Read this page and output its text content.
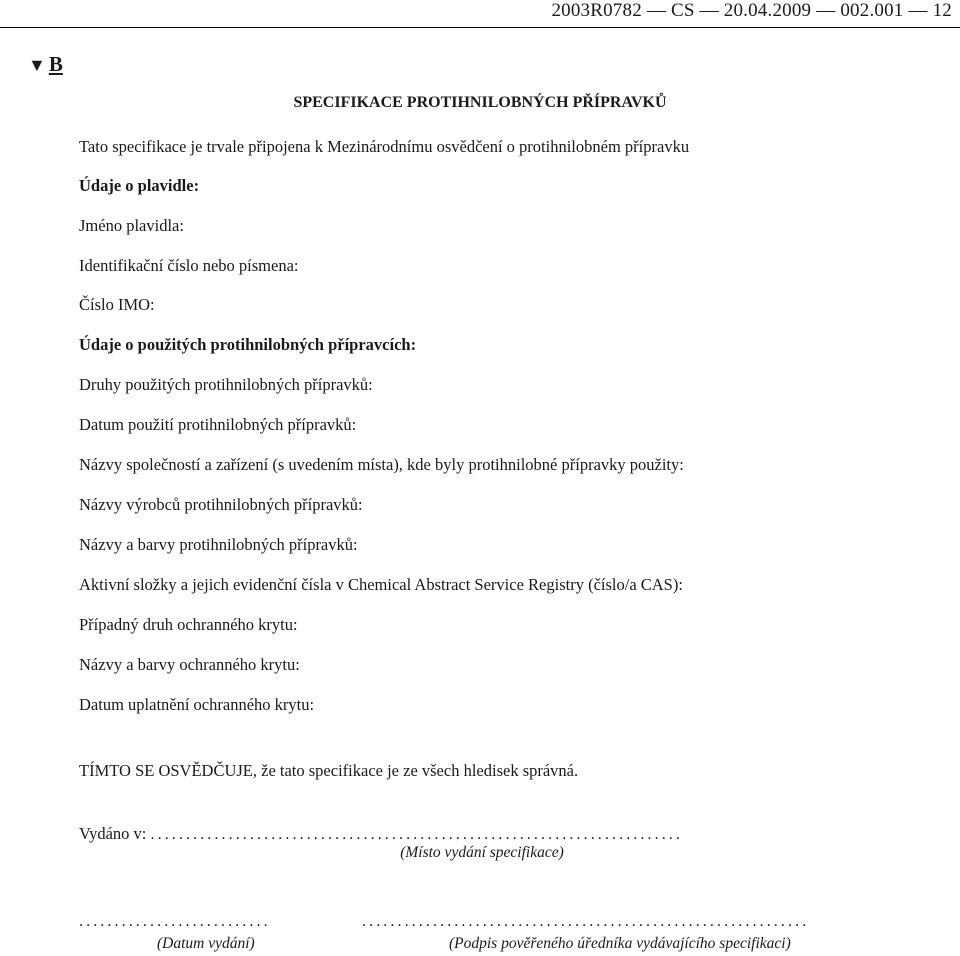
2003R0782 — CS — 20.04.2009 — 002.001 — 12
▼ B
SPECIFIKACE PROTIHNILOBNÝCH PŘÍPRAVKŮ
Tato specifikace je trvale připojena k Mezinárodnímu osvědčení o protihnilobném přípravku
Údaje o plavidle:
Jméno plavidla:
Identifikační číslo nebo písmena:
Číslo IMO:
Údaje o použitých protihnilobných přípravcích:
Druhy použitých protihnilobných přípravků:
Datum použití protihnilobných přípravků:
Názvy společností a zařízení (s uvedením místa), kde byly protihnilobné přípravky použity:
Názvy výrobců protihnilobných přípravků:
Názvy a barvy protihnilobných přípravků:
Aktivní složky a jejich evidenční čísla v Chemical Abstract Service Registry (číslo/a CAS):
Případný druh ochranného krytu:
Názvy a barvy ochranného krytu:
Datum uplatnění ochranného krytu:
TÍMTO SE OSVĚDČUJE, že tato specifikace je ze všech hledisek správná.
Vydáno v: ...........................................................................
(Místo vydání specifikace)
...........................	...............................................................
(Datum vydání)	(Podpis pověřeného úředníka vydávajícího specifikaci)
